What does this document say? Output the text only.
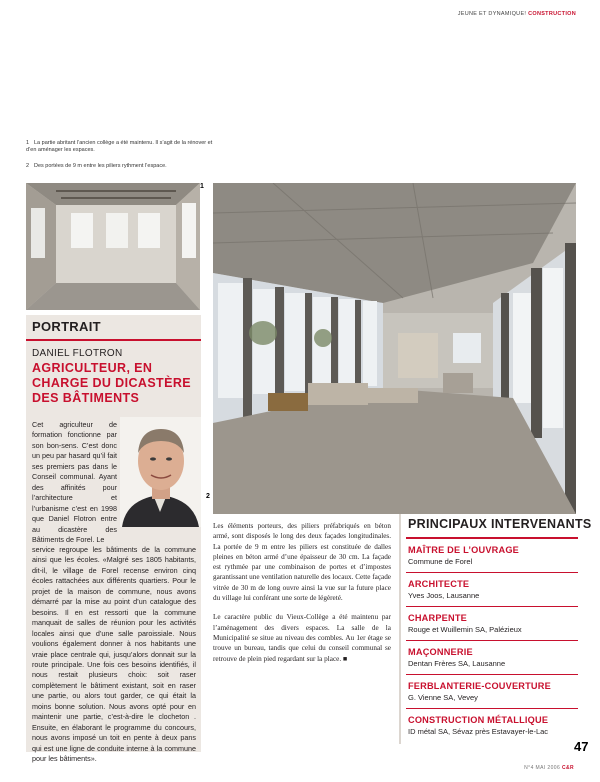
JEUNE ET DYNAMIQUE! CONSTRUCTION
1 La partie abritant l’ancien collège a été maintenu. Il s’agit de la rénover et d’en aménager les espaces.
2 Des portées de 9 m entre les piliers rythment l’espace.
1
2
PORTRAIT
DANIEL FLOTRON
AGRICULTEUR, EN CHARGE DU DICASTÈRE DES BÂTIMENTS
Cet agriculteur de formation fonctionne par son bon-sens. C’est donc un peu par hasard qu’il fait ses premiers pas dans le Conseil communal. Ayant des affinités pour l’architecture et l’urbanisme c’est en 1998 que Daniel Flotron entre au dicastère des Bâtiments de Forel. Le
service regroupe les bâtiments de la commune ainsi que les écoles. «Malgré ses 1805 habitants, dit-il, le village de Forel recense environ cinq écoles rattachées aux différents quartiers. Pour le projet de la maison de commune, nous avons démarré par la mise au point d’un catalogue des besoins. Il en est ressorti que la commune manquait de salles de réunion pour les activités locales ainsi que d’une salle paroissiale. Nous voulions également donner à nos habitants une vraie place centrale qui, jusqu’alors donnait sur la route principale. Une fois ces besoins identifiés, il nous restait plusieurs choix: soit raser complètement le bâtiment existant, soit en raser une partie, ou alors tout garder, ce qui était la moins bonne solution. Nous avons opté pour en maintenir une partie, c’est-à-dire le clocheton . Ensuite, en élaborant le programme du concours, nous avons imposé un toit en pente à deux pans qui est une ligne de conduite interne à la commune pour les bâtiments».

Les éléments porteurs, des piliers préfabriqués en béton armé, sont disposés le long des deux façades longitudinales. La portée de 9 m entre les piliers est constituée de dalles pleines en béton armé d’une épaisseur de 30 cm. La façade est rythmée par une combinaison de portes et d’impostes garantissant une ventilation naturelle des locaux. Cette façade vitrée de 30 m de long ouvre ainsi la vue sur la future place du village lui conférant une sorte de légèreté.

Le caractère public du Vieux-Collège a été maintenu par l’aménagement des divers espaces. La salle de la Municipalité se situe au niveau des combles. Au 1er étage se trouve un bureau, tandis que celui du conseil communal se retrouve de plein pied regardant sur la place. ■

PRINCIPAUX INTERVENANTS
MAÎTRE DE L’OUVRAGE
Commune de Forel
ARCHITECTE
Yves Joos, Lausanne
CHARPENTE
Rouge et Wuillemin SA, Palézieux
MAÇONNERIE
Dentan Frères SA, Lausanne
FERBLANTERIE-COUVERTURE
G. Vienne SA, Vevey
CONSTRUCTION MÉTALLIQUE
ID métal SA, Sévaz près Estavayer-le-Lac
47
N°4 MAI 2006 C&R
